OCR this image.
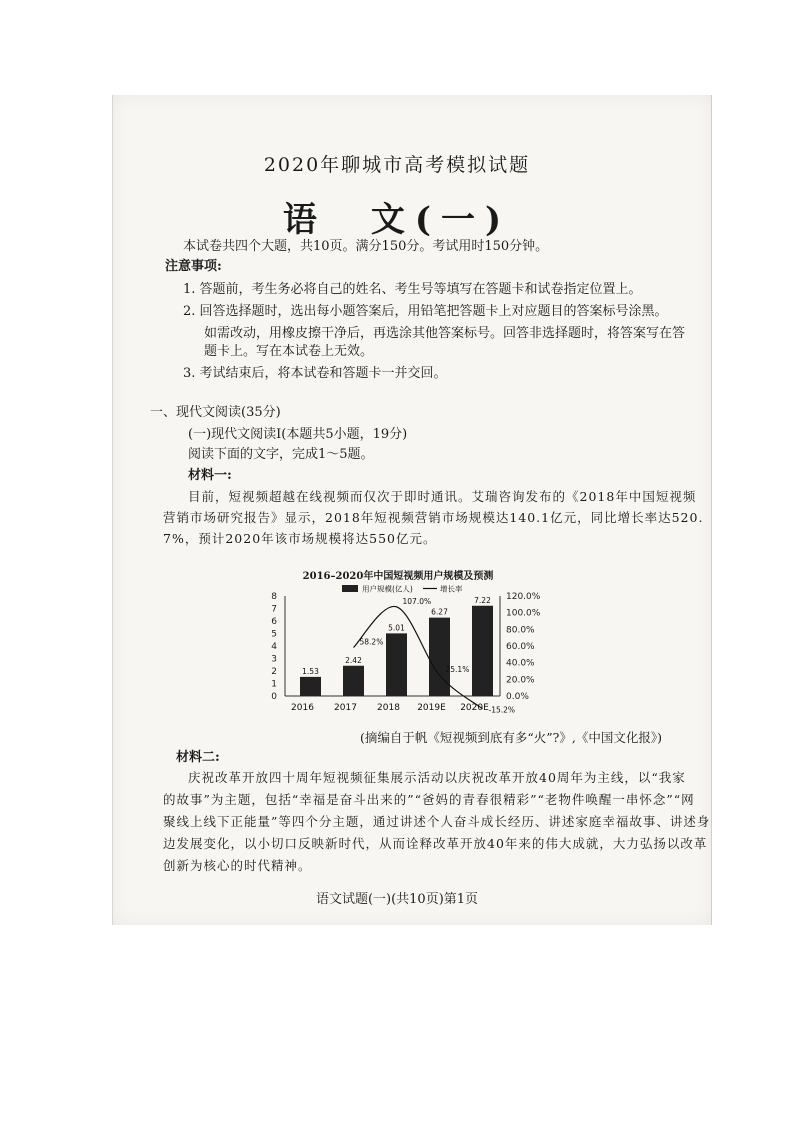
2020年聊城市高考模拟试题
语　文(一)
本试卷共四个大题，共10页。满分150分。考试用时150分钟。
注意事项:
1. 答题前，考生务必将自己的姓名、考生号等填写在答题卡和试卷指定位置上。
2. 回答选择题时，选出每小题答案后，用铅笔把答题卡上对应题目的答案标号涂黑。
如需改动，用橡皮擦干净后，再选涂其他答案标号。回答非选择题时，将答案写在答
题卡上。写在本试卷上无效。
3. 考试结束后，将本试卷和答题卡一并交回。
一、现代文阅读(35分)
(一)现代文阅读Ⅰ(本题共5小题，19分)
阅读下面的文字，完成1～5题。
材料一:
目前，短视频超越在线视频而仅次于即时通讯。艾瑞咨询发布的《2018年中国短视频
营销市场研究报告》显示，2018年短视频营销市场规模达140.1亿元，同比增长率达520.
7%，预计2020年该市场规模将达550亿元。
2016–2020年中国短视频用户规模及预测
0
1
2
3
4
5
6
7
8
0.0%
20.0%
40.0%
60.0%
80.0%
100.0%
120.0%
1.53
2.42
5.01
6.27
7.22
2016 2017 2018 2019E 2020E
58.2%
107.0%
25.1%
-15.2%
用户规模(亿人)	增长率
(摘编自于帆《短视频到底有多“火”?》,《中国文化报》)
材料二:
庆祝改革开放四十周年短视频征集展示活动以庆祝改革开放40周年为主线，以“我家
的故事”为主题，包括“幸福是奋斗出来的”“爸妈的青春很精彩”“老物件唤醒一串怀念”“网
聚线上线下正能量”等四个分主题，通过讲述个人奋斗成长经历、讲述家庭幸福故事、讲述身
边发展变化，以小切口反映新时代，从而诠释改革开放40年来的伟大成就，大力弘扬以改革
创新为核心的时代精神。
语文试题(一)(共10页)第1页
